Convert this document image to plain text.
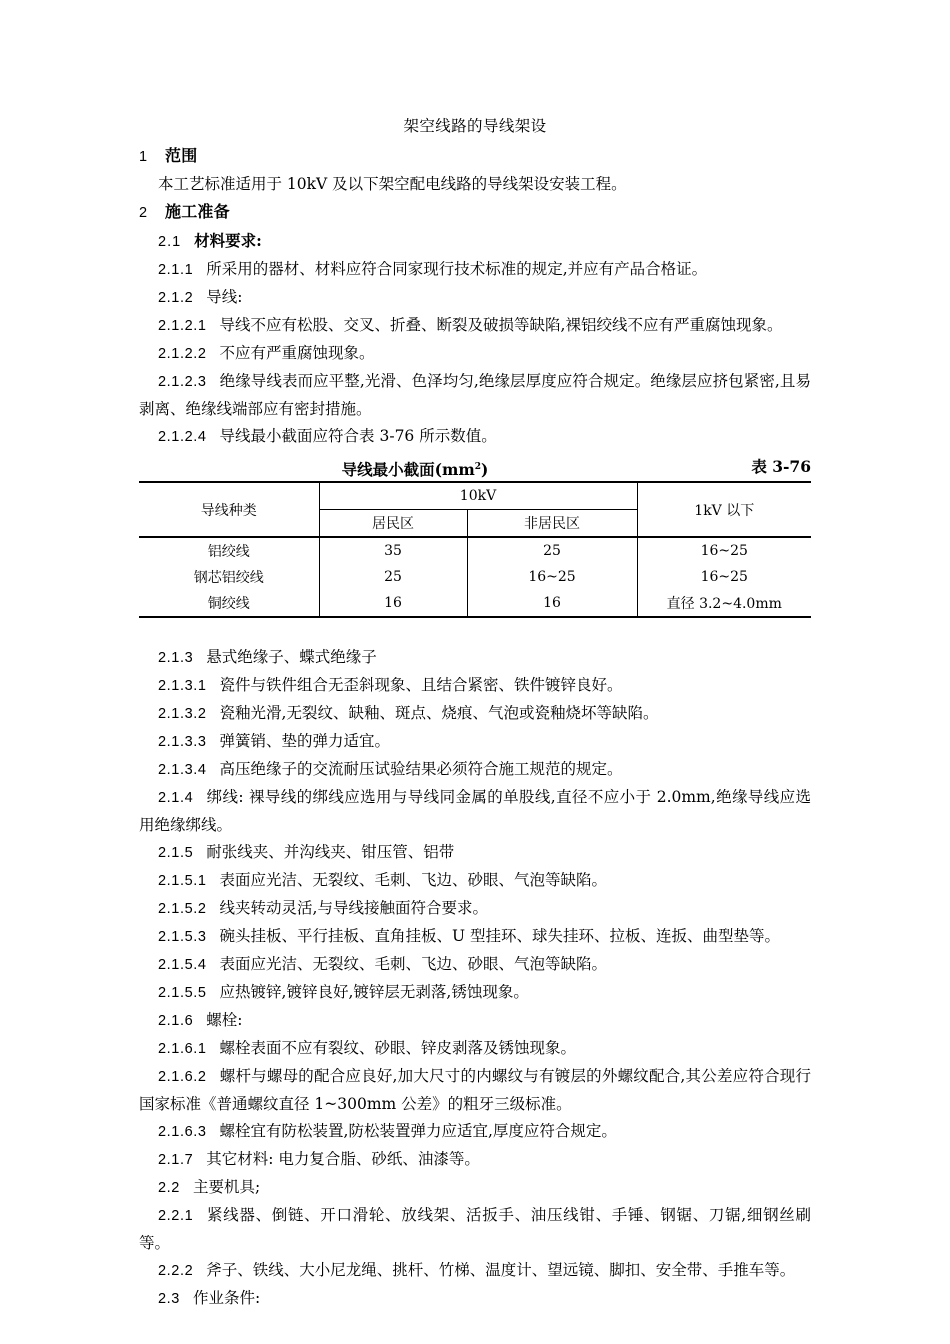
架空线路的导线架设

1 范围

本工艺标准适用于 10kV 及以下架空配电线路的导线架设安装工程。

2 施工准备

2.1 材料要求:

2.1.1 所采用的器材、材料应符合同家现行技术标准的规定,并应有产品合格证。

2.1.2 导线:

2.1.2.1 导线不应有松股、交叉、折叠、断裂及破损等缺陷,裸铝绞线不应有严重腐蚀现象。

2.1.2.2 不应有严重腐蚀现象。

2.1.2.3 绝缘导线表而应平整,光滑、色泽均匀,绝缘层厚度应符合规定。绝缘层应挤包紧密,且易剥离、绝缘线端部应有密封措施。

2.1.2.4 导线最小截面应符合表 3-76 所示数值。

导线最小截面$(mm^2)$	表 3-76
导线种类	10kV		1kV 以下
	居民区	非居民区	
铝绞线	35	25	16~25
钢芯铝绞线	25	16~25	16~25
铜绞线	16	16	直径 3.2~4.0mm

2.1.3 悬式绝缘子、蝶式绝缘子

2.1.3.1 瓷件与铁件组合无歪斜现象、且结合紧密、铁件镀锌良好。

2.1.3.2 瓷釉光滑,无裂纹、缺釉、斑点、烧痕、气泡或瓷釉烧坏等缺陷。

2.1.3.3 弹簧销、垫的弹力适宜。

2.1.3.4 高压绝缘子的交流耐压试验结果必须符合施工规范的规定。

2.1.4 绑线: 裸导线的绑线应选用与导线同金属的单股线,直径不应小于 2.0mm,绝缘导线应选用绝缘绑线。

2.1.5 耐张线夹、并沟线夹、钳压管、铝带

2.1.5.1 表面应光洁、无裂纹、毛刺、飞边、砂眼、气泡等缺陷。

2.1.5.2 线夹转动灵活,与导线接触面符合要求。

2.1.5.3 碗头挂板、平行挂板、直角挂板、U 型挂环、球失挂环、拉板、连扳、曲型垫等。

2.1.5.4 表面应光洁、无裂纹、毛刺、飞边、砂眼、气泡等缺陷。

2.1.5.5 应热镀锌,镀锌良好,镀锌层无剥落,锈蚀现象。

2.1.6 螺栓:

2.1.6.1 螺栓表面不应有裂纹、砂眼、锌皮剥落及锈蚀现象。

2.1.6.2 螺杆与螺母的配合应良好,加大尺寸的内螺纹与有镀层的外螺纹配合,其公差应符合现行国家标准《普通螺纹直径 1~300mm 公差》的粗牙三级标准。

2.1.6.3 螺栓宜有防松装置,防松装置弹力应适宜,厚度应符合规定。

2.1.7 其它材料: 电力复合脂、砂纸、油漆等。

2.2 主要机具;

2.2.1 紧线器、倒链、开口滑轮、放线架、活扳手、油压线钳、手锤、钢锯、刀锯,细钢丝刷等。

2.2.2 斧子、铁线、大小尼龙绳、挑杆、竹梯、温度计、望远镜、脚扣、安全带、手推车等。

2.3 作业条件:
